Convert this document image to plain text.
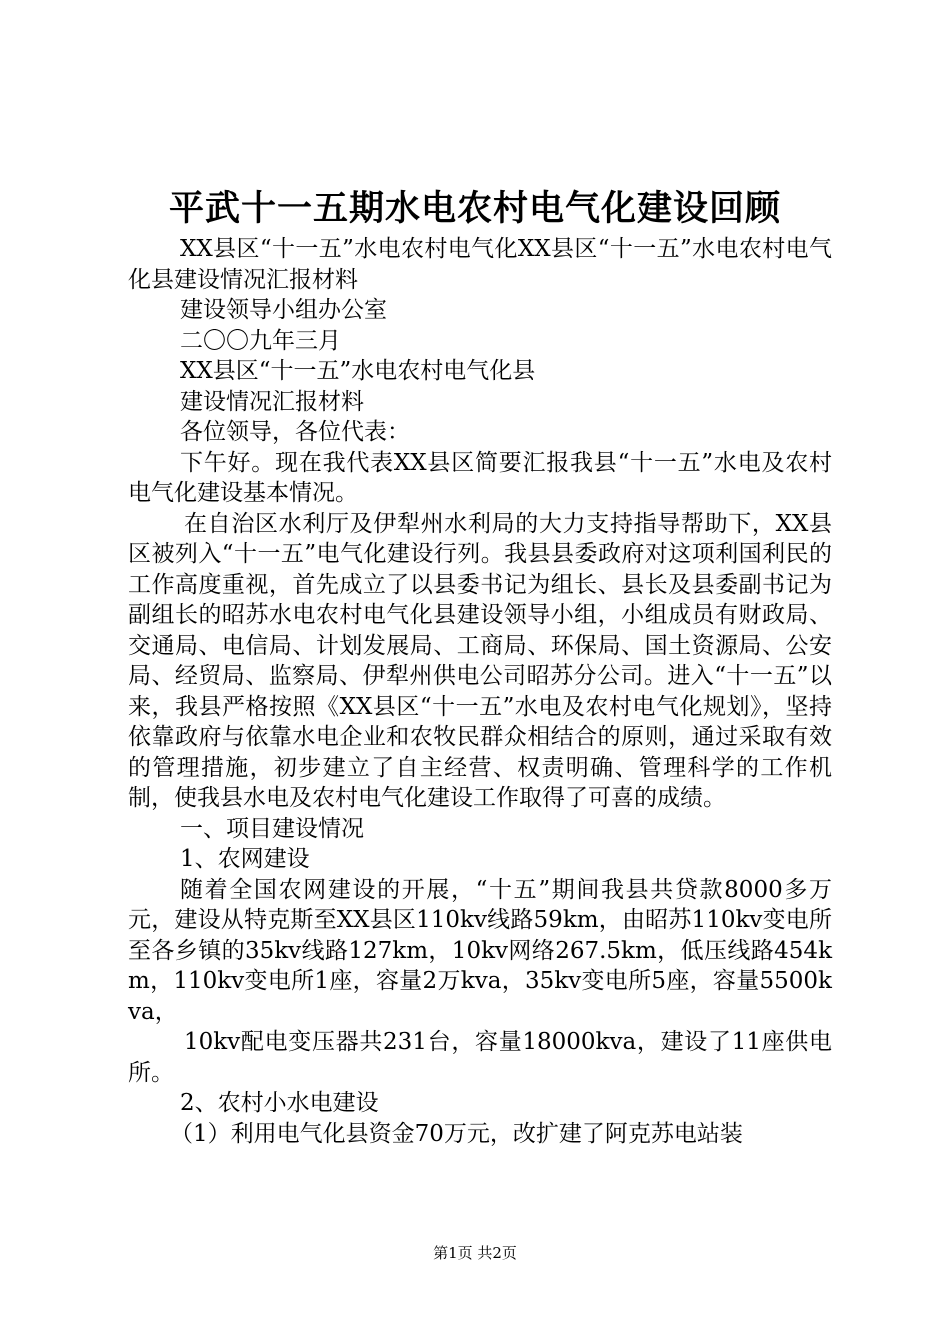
平武十一五期水电农村电气化建设回顾

XX县区“十一五”水电农村电气化XX县区“十一五”水电农村电气化县建设情况汇报材料

建设领导小组办公室

二〇〇九年三月

XX县区“十一五”水电农村电气化县

建设情况汇报材料

各位领导，各位代表：

下午好。现在我代表XX县区简要汇报我县“十一五”水电及农村电气化建设基本情况。

在自治区水利厅及伊犁州水利局的大力支持指导帮助下，XX县区被列入“十一五”电气化建设行列。我县县委政府对这项利国利民的工作高度重视，首先成立了以县委书记为组长、县长及县委副书记为副组长的昭苏水电农村电气化县建设领导小组，小组成员有财政局、交通局、电信局、计划发展局、工商局、环保局、国土资源局、公安局、经贸局、监察局、伊犁州供电公司昭苏分公司。进入“十一五”以来，我县严格按照《XX县区“十一五”水电及农村电气化规划》，坚持依靠政府与依靠水电企业和农牧民群众相结合的原则，通过采取有效的管理措施，初步建立了自主经营、权责明确、管理科学的工作机制，使我县水电及农村电气化建设工作取得了可喜的成绩。

一、项目建设情况

1、农网建设

随着全国农网建设的开展，“十五”期间我县共贷款8000多万元，建设从特克斯至XX县区110kv线路59km，由昭苏110kv变电所至各乡镇的35kv线路127km，10kv网络267.5km，低压线路454km，110kv变电所1座，容量2万kva，35kv变电所5座，容量5500kva，

10kv配电变压器共231台，容量18000kva，建设了11座供电所。

2、农村小水电建设

（1）利用电气化县资金70万元，改扩建了阿克苏电站装

第1页 共2页
